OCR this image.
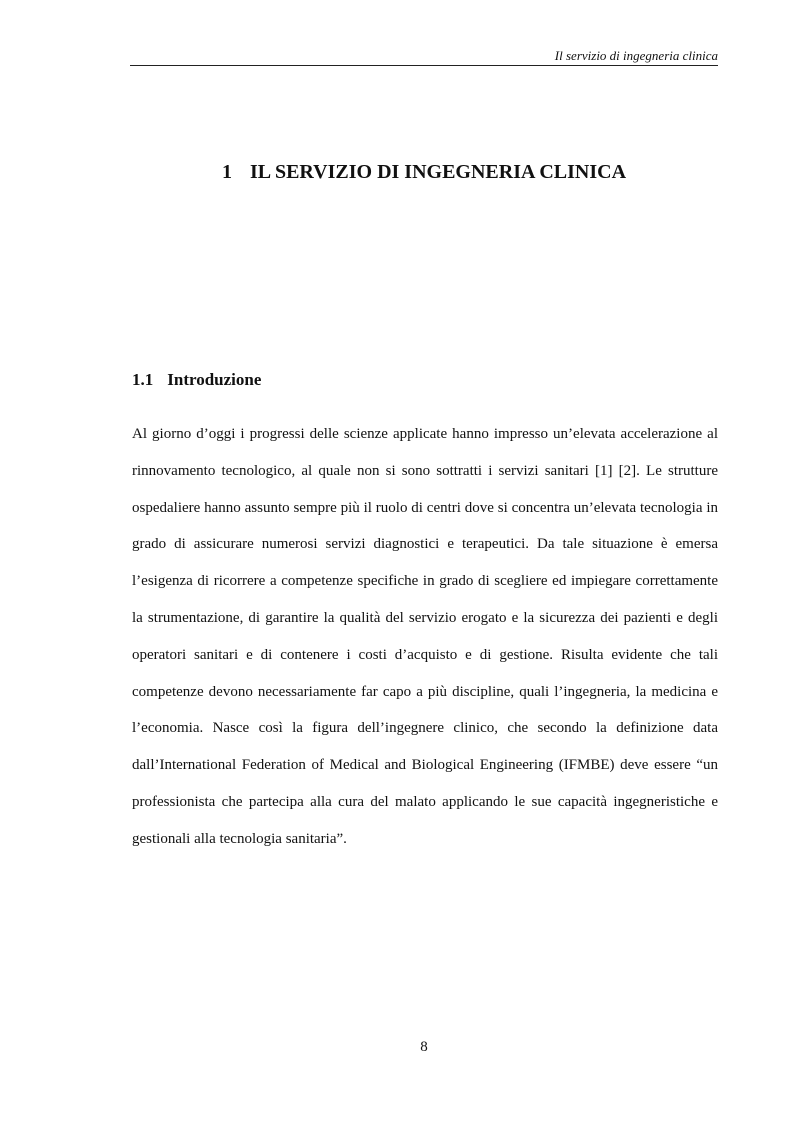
Il servizio di ingegneria clinica
1 IL SERVIZIO DI INGEGNERIA CLINICA
1.1 Introduzione

Al giorno d’oggi i progressi delle scienze applicate hanno impresso un’elevata accelerazione al rinnovamento tecnologico, al quale non si sono sottratti i servizi sanitari [1] [2]. Le strutture ospedaliere hanno assunto sempre più il ruolo di centri dove si concentra un’elevata tecnologia in grado di assicurare numerosi servizi diagnostici e terapeutici. Da tale situazione è emersa l’esigenza di ricorrere a competenze specifiche in grado di scegliere ed impiegare correttamente la strumentazione, di garantire la qualità del servizio erogato e la sicurezza dei pazienti e degli operatori sanitari e di contenere i costi d’acquisto e di gestione. Risulta evidente che tali competenze devono necessariamente far capo a più discipline, quali l’ingegneria, la medicina e l’economia. Nasce così la figura dell’ingegnere clinico, che secondo la definizione data dall’International Federation of Medical and Biological Engineering (IFMBE) deve essere “un professionista che partecipa alla cura del malato applicando le sue capacità ingegneristiche e gestionali alla tecnologia sanitaria”.

8
